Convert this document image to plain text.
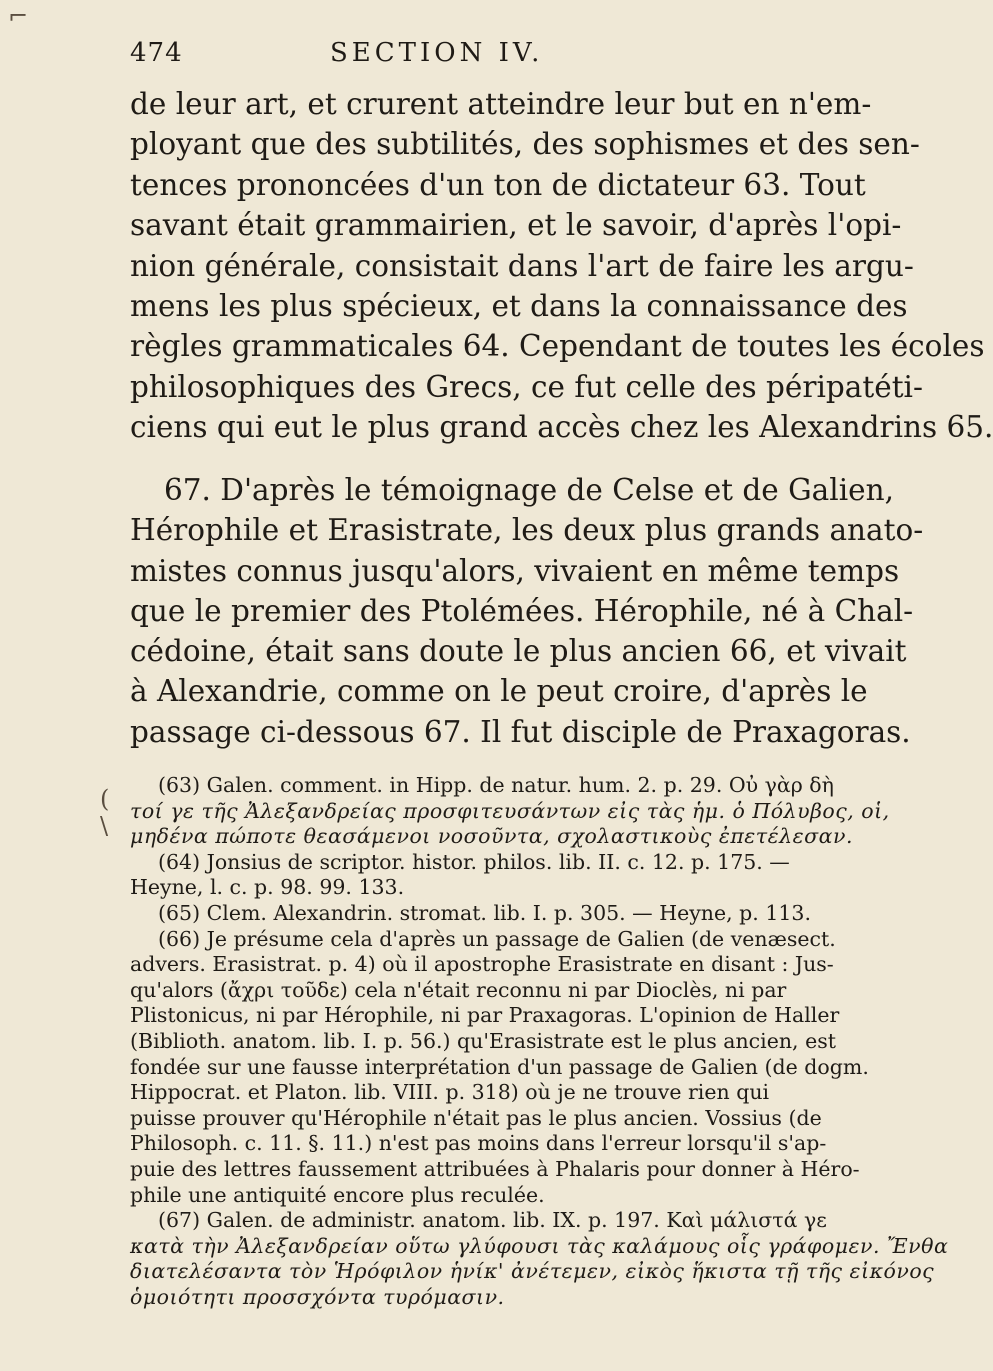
474	SECTION IV.
de leur art, et crurent atteindre leur but en n'em-
ployant que des subtilités, des sophismes et des sen-
tences prononcées d'un ton de dictateur 63. Tout
savant était grammairien, et le savoir, d'après l'opi-
nion générale, consistait dans l'art de faire les argu-
mens les plus spécieux, et dans la connaissance des
règles grammaticales 64. Cependant de toutes les écoles
philosophiques des Grecs, ce fut celle des péripatéti-
ciens qui eut le plus grand accès chez les Alexandrins 65.
67. D'après le témoignage de Celse et de Galien,
Hérophile et Erasistrate, les deux plus grands anato-
mistes connus jusqu'alors, vivaient en même temps
que le premier des Ptolémées. Hérophile, né à Chal-
cédoine, était sans doute le plus ancien 66, et vivait
à Alexandrie, comme on le peut croire, d'après le
passage ci-dessous 67. Il fut disciple de Praxagoras.
(63) Galen. comment. in Hipp. de natur. hum. 2. p. 29. Οὐ γὰρ δὴ
τοί γε τῆς Ἀλεξανδρείας προσφιτευσάντων εἰς τὰς ἡμ. ὁ Πόλυβος, οἱ,
μηδένα πώποτε θεασάμενοι νοσοῦντα, σχολαστικοὺς ἐπετέλεσαν.
(64) Jonsius de scriptor. histor. philos. lib. II. c. 12. p. 175. —
Heyne, l. c. p. 98. 99. 133.
(65) Clem. Alexandrin. stromat. lib. I. p. 305. — Heyne, p. 113.
(66) Je présume cela d'après un passage de Galien (de venæsect.
advers. Erasistrat. p. 4) où il apostrophe Erasistrate en disant : Jus-
qu'alors (ἄχρι τοῦδε) cela n'était reconnu ni par Dioclès, ni par
Plistonicus, ni par Hérophile, ni par Praxagoras. L'opinion de Haller
(Biblioth. anatom. lib. I. p. 56.) qu'Erasistrate est le plus ancien, est
fondée sur une fausse interprétation d'un passage de Galien (de dogm.
Hippocrat. et Platon. lib. VIII. p. 318) où je ne trouve rien qui
puisse prouver qu'Hérophile n'était pas le plus ancien. Vossius (de
Philosoph. c. 11. §. 11.) n'est pas moins dans l'erreur lorsqu'il s'ap-
puie des lettres faussement attribuées à Phalaris pour donner à Héro-
phile une antiquité encore plus reculée.
(67) Galen. de administr. anatom. lib. IX. p. 197. Καὶ μάλιστά γε
κατὰ τὴν Ἀλεξανδρείαν οὕτω γλύφουσι τὰς καλάμους οἷς γράφομεν. Ἔνθα
διατελέσαντα τὸν Ἡρόφιλον ἡνίκ' ἀνέτεμεν, εἰκὸς ἥκιστα τῇ τῆς εἰκόνος
ὁμοιότητι προσσχόντα τυρόμασιν.
⌐
(
\
